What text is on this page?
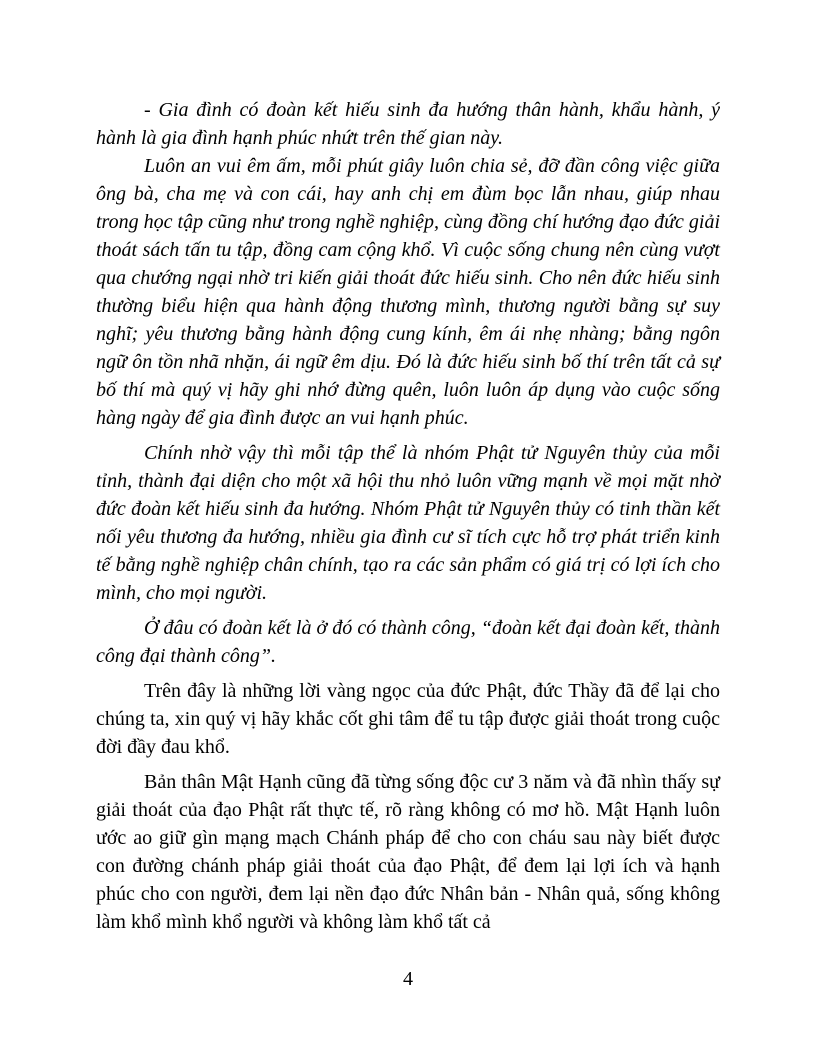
- Gia đình có đoàn kết hiếu sinh đa hướng thân hành, khẩu hành, ý hành là gia đình hạnh phúc nhứt trên thế gian này.

Luôn an vui êm ấm, mỗi phút giây luôn chia sẻ, đỡ đần công việc giữa ông bà, cha mẹ và con cái, hay anh chị em đùm bọc lẫn nhau, giúp nhau trong học tập cũng như trong nghề nghiệp, cùng đồng chí hướng đạo đức giải thoát sách tấn tu tập, đồng cam cộng khổ. Vì cuộc sống chung nên cùng vượt qua chướng ngại nhờ tri kiến giải thoát đức hiếu sinh. Cho nên đức hiếu sinh thường biểu hiện qua hành động thương mình, thương người bằng sự suy nghĩ; yêu thương bằng hành động cung kính, êm ái nhẹ nhàng; bằng ngôn ngữ ôn tồn nhã nhặn, ái ngữ êm dịu. Đó là đức hiếu sinh bố thí trên tất cả sự bố thí mà quý vị hãy ghi nhớ đừng quên, luôn luôn áp dụng vào cuộc sống hàng ngày để gia đình được an vui hạnh phúc.

Chính nhờ vậy thì mỗi tập thể là nhóm Phật tử Nguyên thủy của mỗi tỉnh, thành đại diện cho một xã hội thu nhỏ luôn vững mạnh về mọi mặt nhờ đức đoàn kết hiếu sinh đa hướng. Nhóm Phật tử Nguyên thủy có tinh thần kết nối yêu thương đa hướng, nhiều gia đình cư sĩ tích cực hỗ trợ phát triển kinh tế bằng nghề nghiệp chân chính, tạo ra các sản phẩm có giá trị có lợi ích cho mình, cho mọi người.

Ở đâu có đoàn kết là ở đó có thành công, “đoàn kết đại đoàn kết, thành công đại thành công”.

Trên đây là những lời vàng ngọc của đức Phật, đức Thầy đã để lại cho chúng ta, xin quý vị hãy khắc cốt ghi tâm để tu tập được giải thoát trong cuộc đời đầy đau khổ.

Bản thân Mật Hạnh cũng đã từng sống độc cư 3 năm và đã nhìn thấy sự giải thoát của đạo Phật rất thực tế, rõ ràng không có mơ hồ. Mật Hạnh luôn ước ao giữ gìn mạng mạch Chánh pháp để cho con cháu sau này biết được con đường chánh pháp giải thoát của đạo Phật, để đem lại lợi ích và hạnh phúc cho con người, đem lại nền đạo đức Nhân bản - Nhân quả, sống không làm khổ mình khổ người và không làm khổ tất cả

4
